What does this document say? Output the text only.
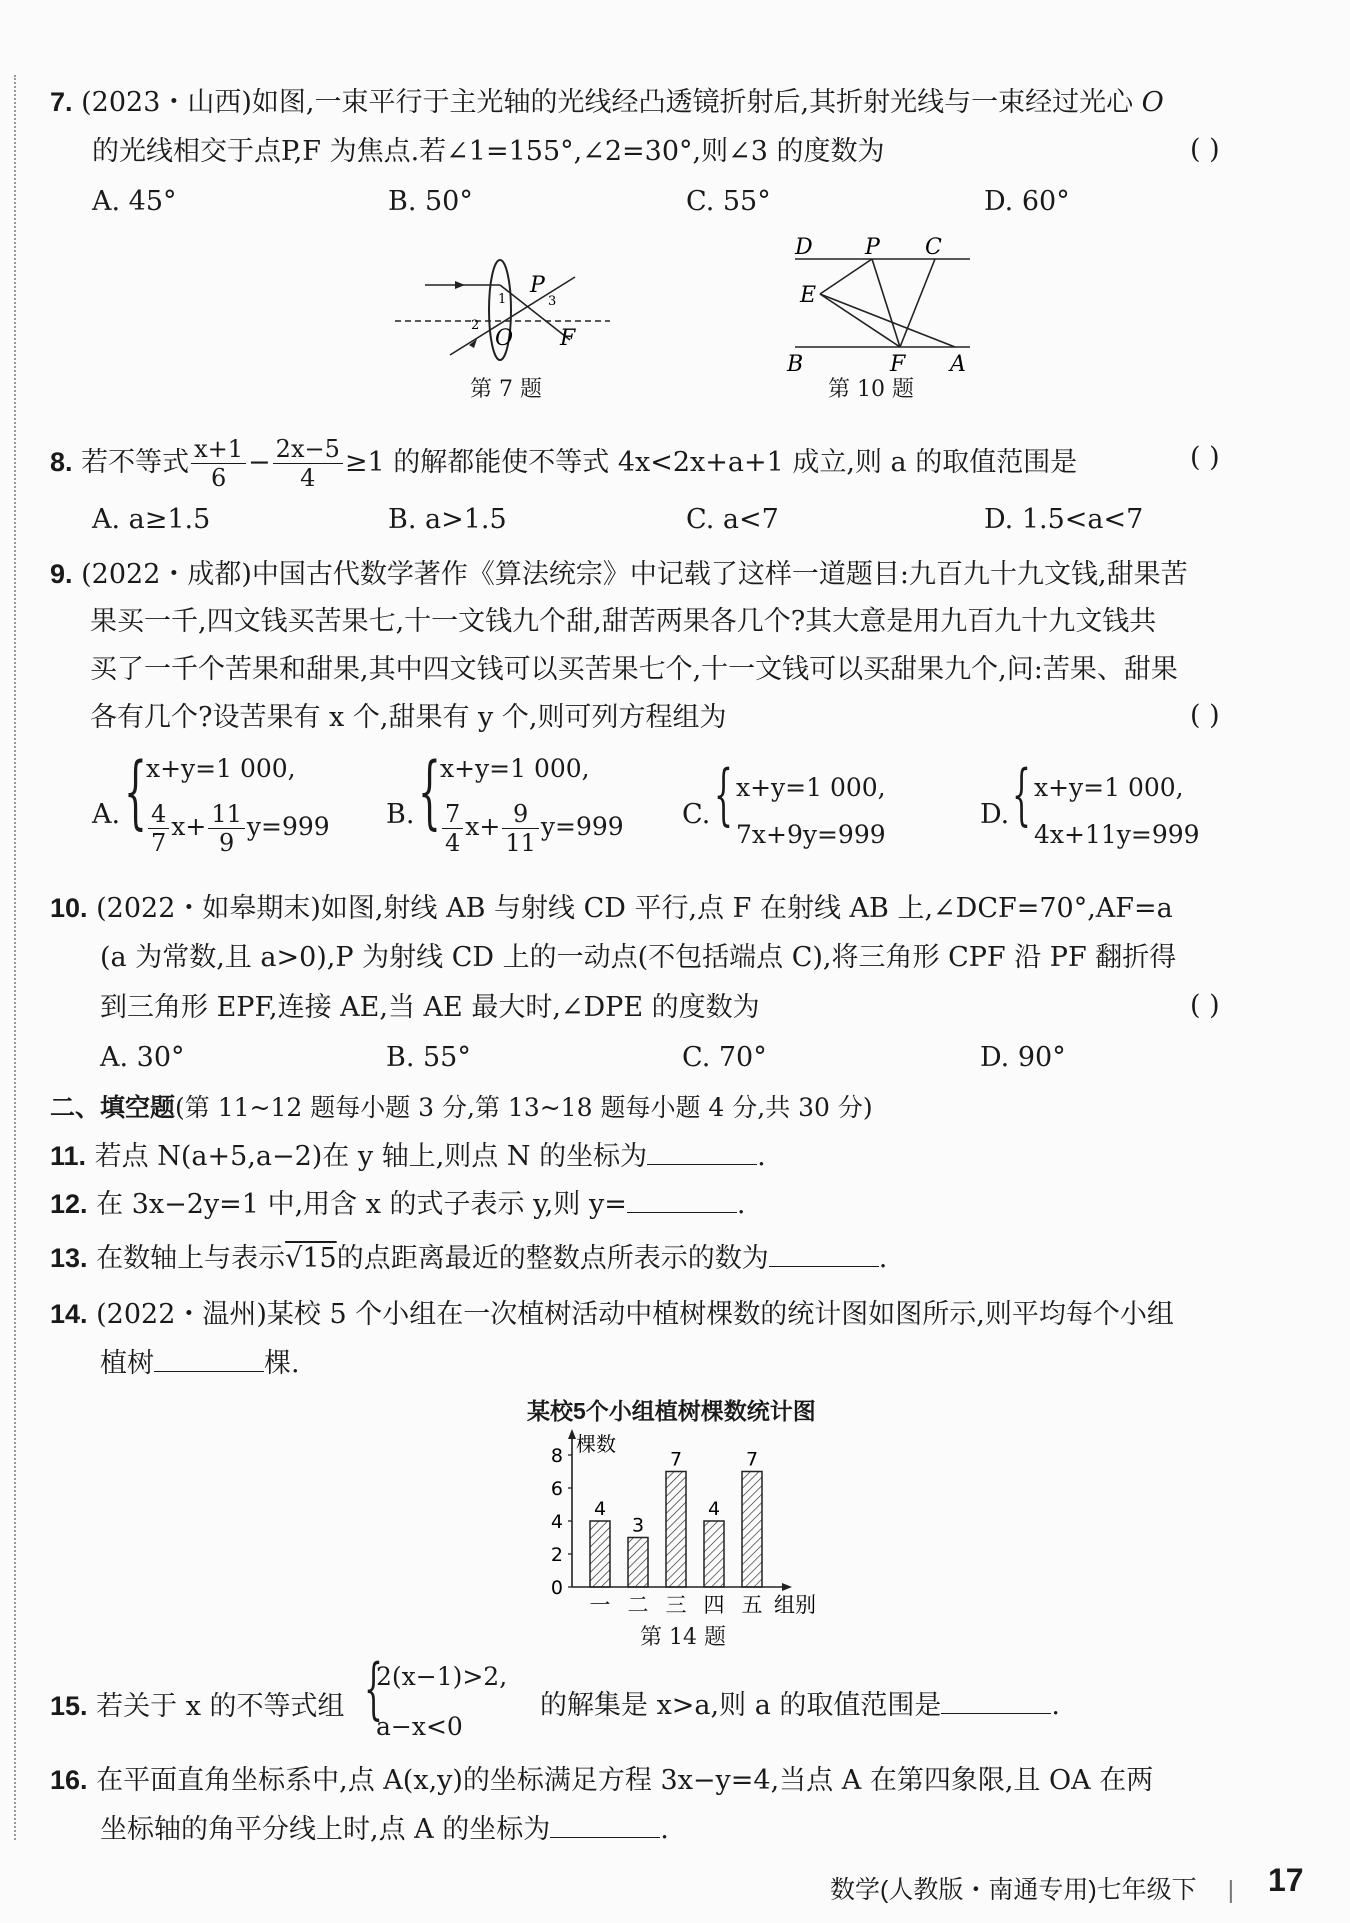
7. (2023・山西)如图,一束平行于主光轴的光线经凸透镜折射后,其折射光线与一束经过光心 O
的光线相交于点P,F 为焦点.若∠1=155°,∠2=30°,则∠3 的度数为	( )
A. 45°	B. 50°	C. 55°	D. 60°
P
O F
1
2
3
第 7 题
D P C
E
B	F A
第 10 题
8. 若不等式 $\frac{x+1}{6} - \frac{2x-5}{4} \ge 1$ 的解都能使不等式 4x<2x+a+1 成立,则 a 的取值范围是	( )
A. a≥1.5	B. a>1.5	C. a<7	D. 1.5<a<7
9. (2022・成都)中国古代数学著作《算法统宗》中记载了这样一道题目:九百九十九文钱,甜果苦
果买一千,四文钱买苦果七,十一文钱九个甜,甜苦两果各几个?其大意是用九百九十九文钱共
买了一千个苦果和甜果,其中四文钱可以买苦果七个,十一文钱可以买甜果九个,问:苦果、甜果
各有几个?设苦果有 x 个,甜果有 y 个,则可列方程组为	( )
A. { x+y=1 000,
$\frac{4}{7} x+ \frac{11}{9} y=999$ B. { x+y=1 000,
$\frac{7}{4} x+ \frac{9}{11} y=999$ C. { x+y=1 000,
7x+9y=999
D. { x+y=1 000,
4x+11y=999
10. (2022・如皋期末)如图,射线 AB 与射线 CD 平行,点 F 在射线 AB 上,∠DCF=70°,AF=a
(a 为常数,且 a>0),P 为射线 CD 上的一动点(不包括端点 C),将三角形 CPF 沿 PF 翻折得
到三角形 EPF,连接 AE,当 AE 最大时,∠DPE 的度数为	( )
A. 30°	B. 55°	C. 70°	D. 90°
二、填空题(第 11~12 题每小题 3 分,第 13~18 题每小题 4 分,共 30 分)
11. 若点 N(a+5,a−2)在 y 轴上,则点 N 的坐标为	.
12. 在 3x−2y=1 中,用含 x 的式子表示 y,则 y=	.
13. 在数轴上与表示√15的点距离最近的整数点所表示的数为	.
14. (2022・温州)某校 5 个小组在一次植树活动中植树棵数的统计图如图所示,则平均每个小组
植树	棵.
某校5个小组植树棵数统计图
棵数
0
2
4
6
8
4
一
3
二
7
三
4
四
7
五 组别
第 14 题
15. 若关于 x 的不等式组 {
2(x−1)>2,
a−x<0
的解集是 x>a,则 a 的取值范围是	.
16. 在平面直角坐标系中,点 A(x,y)的坐标满足方程 3x−y=4,当点 A 在第四象限,且 OA 在两
坐标轴的角平分线上时,点 A 的坐标为	.
数学(人教版・南通专用)七年级下 | 17
